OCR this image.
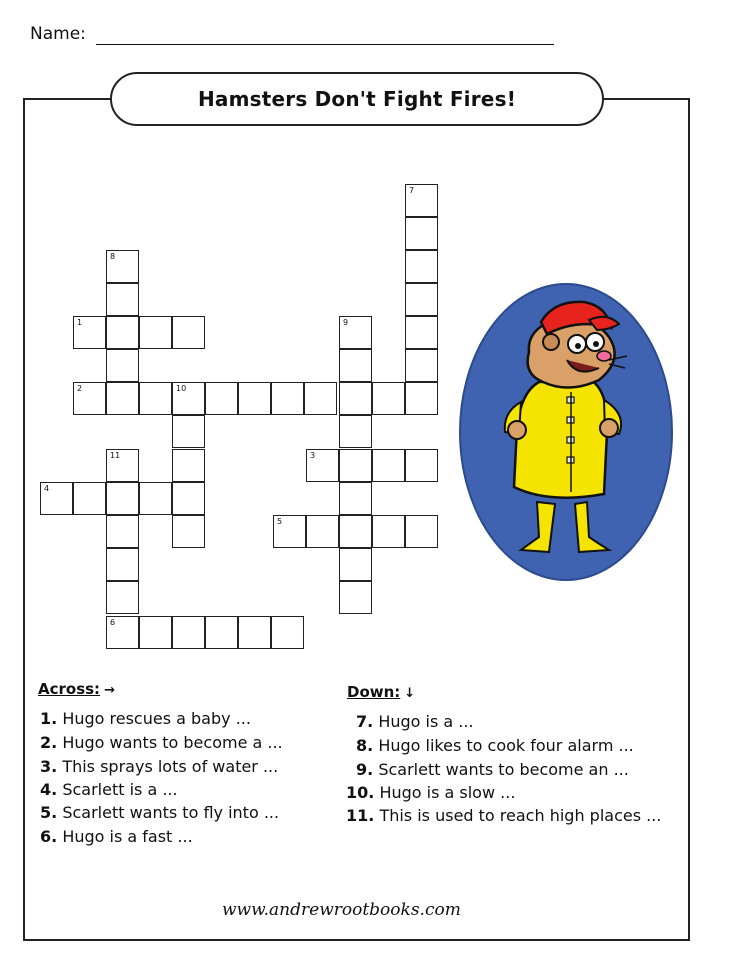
Name:
Hamsters Don't Fight Fires!
7
8
1	9
2	10
3
11
4
5
6
Across: →
1. Hugo rescues a baby ...
2. Hugo wants to become a ...
3. This sprays lots of water ...
4. Scarlett is a ...
5. Scarlett wants to fly into ...
6. Hugo is a fast ...
Down: ↓
7. Hugo is a ...
8. Hugo likes to cook four alarm ...
9. Scarlett wants to become an ...
10. Hugo is a slow ...
11. This is used to reach high places ...
www.andrewrootbooks.com
